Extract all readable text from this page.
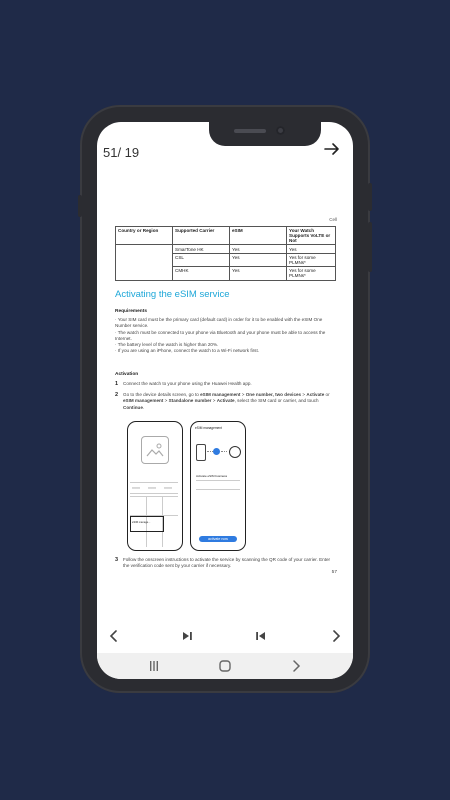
51/ 19
Cell
Country or Region	Supported Carrier	eSIM	Your Watch Supports VoLTE or Not
	SmarTone HK	Yes	Yes
	CSL	Yes	Yes for some PLMNs*
	CMHK	Yes	Yes for some PLMNs*
Activating the eSIM service
Requirements
· Your SIM card must be the primary card (default card) in order for it to be enabled with the eSIM One Number service.
· The watch must be connected to your phone via Bluetooth and your phone must be able to access the Internet.
· The battery level of the watch is higher than 20%.
· If you are using an iPhone, connect the watch to a Wi-Fi network first.
Activation
1 Connect the watch to your phone using the Huawei Health app.
2 Go to the device details screen, go to eSIM management > One number, two devices > Activate or eSIM management > Standalone number > Activate, select the SIM card or carrier, and touch Continue.
XXXX	XXXX	XXXX
eSIM manage...
eSIM management
Activate eSIM business
activate now
3 Follow the onscreen instructions to activate the service by scanning the QR code of your carrier. Enter the verification code sent by your carrier if necessary.
57
